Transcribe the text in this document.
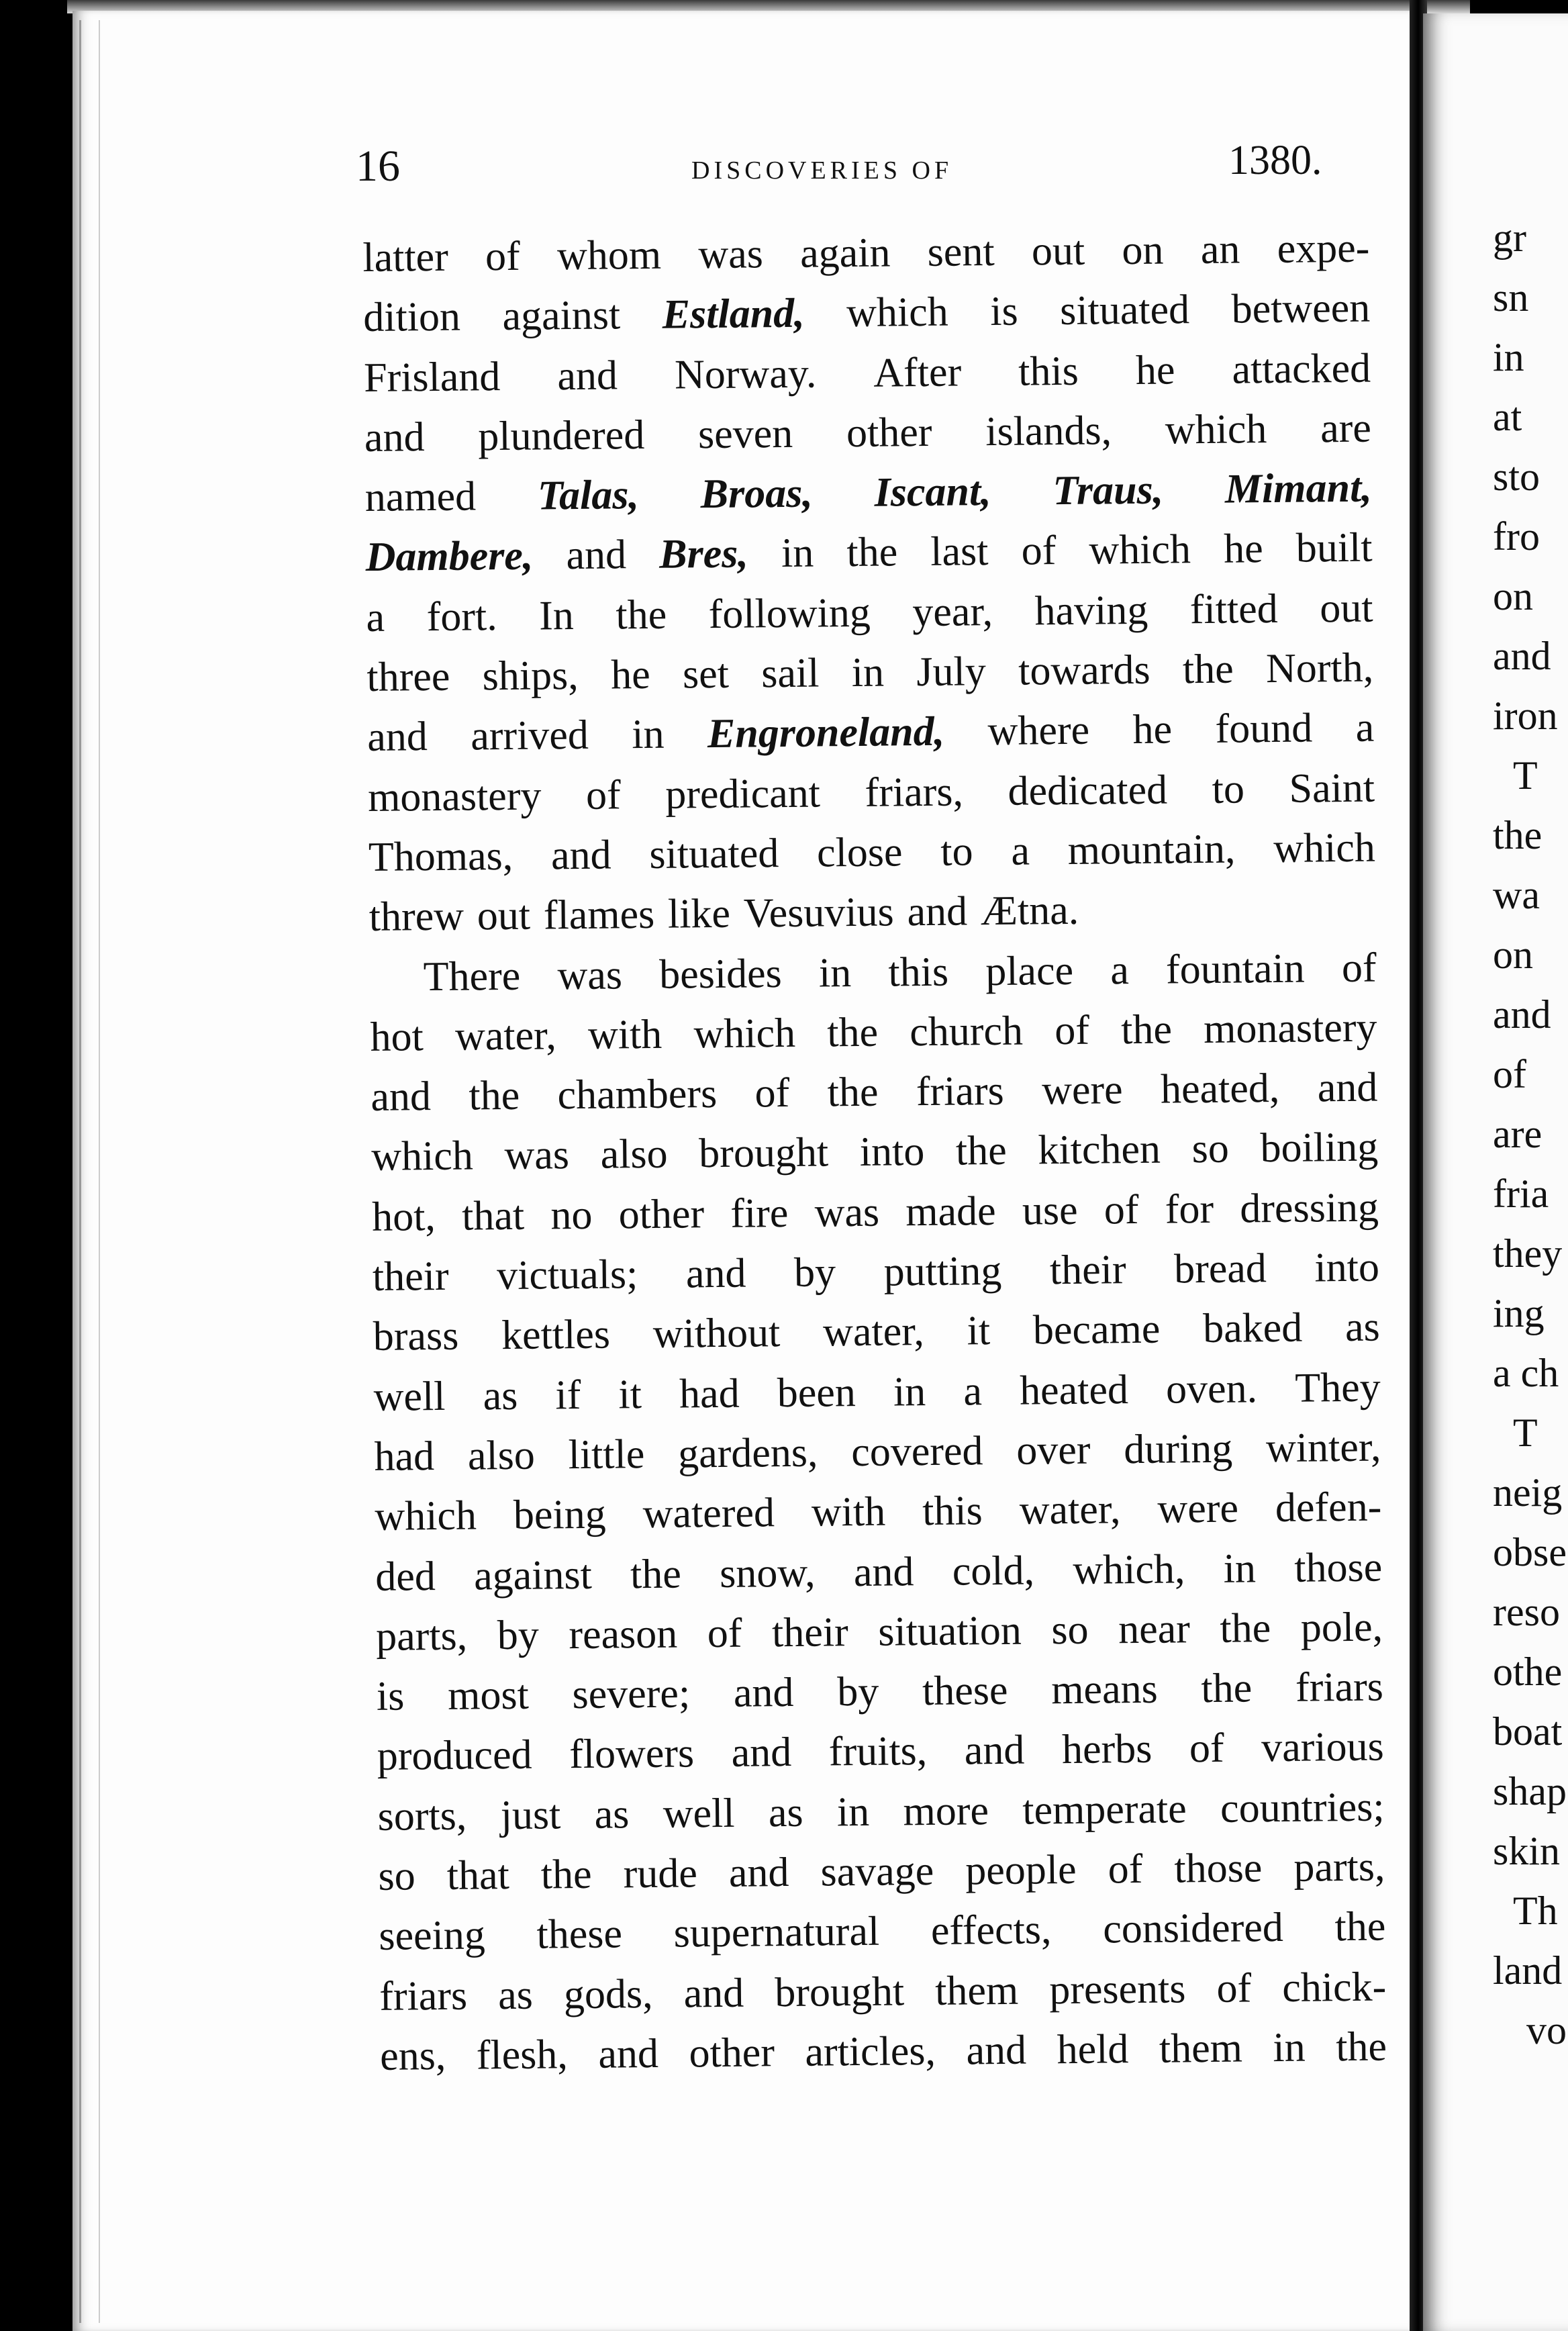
16	DISCOVERIES OF	1380.
latter of whom was again sent out on an expe-
dition against Estland, which is situated between
Frisland and Norway. After this he attacked
and plundered seven other islands, which are
named Talas, Broas, Iscant, Traus, Mimant,
Dambere, and Bres, in the last of which he built
a fort. In the following year, having fitted out
three ships, he set sail in July towards the North,
and arrived in Engroneland, where he found a
monastery of predicant friars, dedicated to Saint
Thomas, and situated close to a mountain, which
threw out flames like Vesuvius and Ætna.
There was besides in this place a fountain of
hot water, with which the church of the monastery
and the chambers of the friars were heated, and
which was also brought into the kitchen so boiling
hot, that no other fire was made use of for dressing
their victuals; and by putting their bread into
brass kettles without water, it became baked as
well as if it had been in a heated oven. They
had also little gardens, covered over during winter,
which being watered with this water, were defen-
ded against the snow, and cold, which, in those
parts, by reason of their situation so near the pole,
is most severe; and by these means the friars
produced flowers and fruits, and herbs of various
sorts, just as well as in more temperate countries;
so that the rude and savage people of those parts,
seeing these supernatural effects, considered the
friars as gods, and brought them presents of chick-
ens, flesh, and other articles, and held them in the
gr
sn
in
at
sto
fro
on
and
iron
T
the
wa
on
and
of
are
fria
they
ing
a ch
T
neig
obse
reso
othe
boat
shap
skin
Th
land
vo
